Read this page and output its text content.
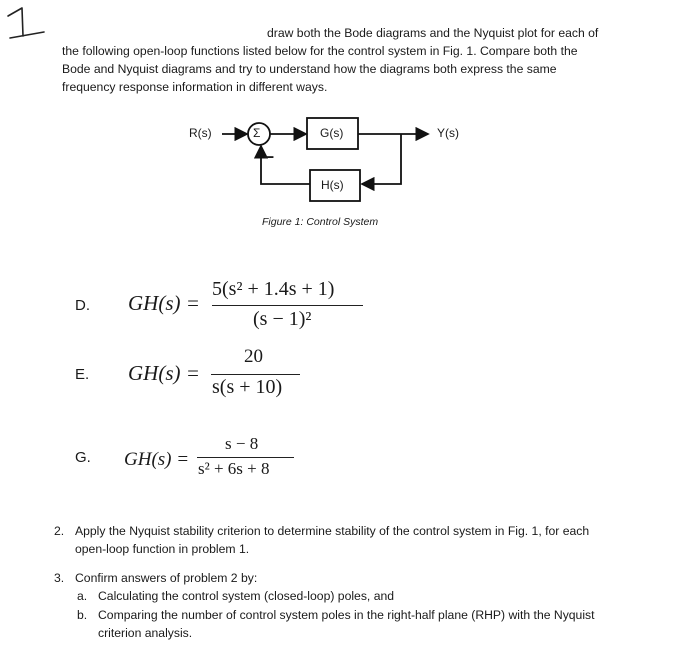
draw both the Bode diagrams and the Nyquist plot for each of
the following open-loop functions listed below for the control system in Fig. 1. Compare both the
Bode and Nyquist diagrams and try to understand how the diagrams both express the same
frequency response information in different ways.
R(s)	Σ
–
G(s)
H(s)
Y(s)
Figure 1: Control System
D. GH(s) =
5(s² + 1.4s + 1)
(s − 1)²
E. GH(s) =
20
s(s + 10)
G. GH(s) =
s − 8
s² + 6s + 8
2. Apply the Nyquist stability criterion to determine stability of the control system in Fig. 1, for each
open-loop function in problem 1.
3. Confirm answers of problem 2 by:
a. Calculating the control system (closed-loop) poles, and
b. Comparing the number of control system poles in the right-half plane (RHP) with the Nyquist
criterion analysis.
